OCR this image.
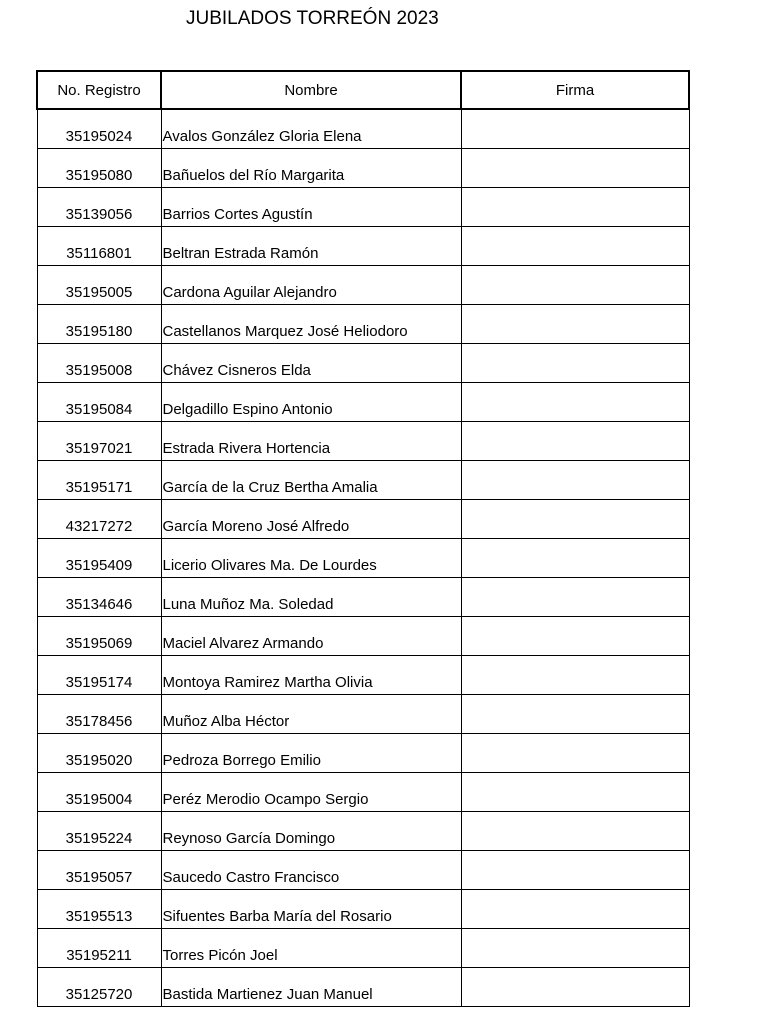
JUBILADOS TORREÓN 2023
No. Registro	Nombre	Firma
35195024	Avalos González Gloria Elena	
35195080	Bañuelos del Río Margarita	
35139056	Barrios Cortes Agustín	
35116801	Beltran Estrada Ramón	
35195005	Cardona Aguilar Alejandro	
35195180	Castellanos Marquez José Heliodoro	
35195008	Chávez Cisneros Elda	
35195084	Delgadillo Espino Antonio	
35197021	Estrada Rivera Hortencia	
35195171	García de la Cruz Bertha Amalia	
43217272	García Moreno José Alfredo	
35195409	Licerio Olivares Ma. De Lourdes	
35134646	Luna Muñoz Ma. Soledad	
35195069	Maciel Alvarez Armando	
35195174	Montoya Ramirez Martha Olivia	
35178456	Muñoz Alba Héctor	
35195020	Pedroza Borrego Emilio	
35195004	Peréz Merodio Ocampo Sergio	
35195224	Reynoso García Domingo	
35195057	Saucedo Castro Francisco	
35195513	Sifuentes Barba María del Rosario	
35195211	Torres Picón Joel	
35125720	Bastida Martienez Juan Manuel	
